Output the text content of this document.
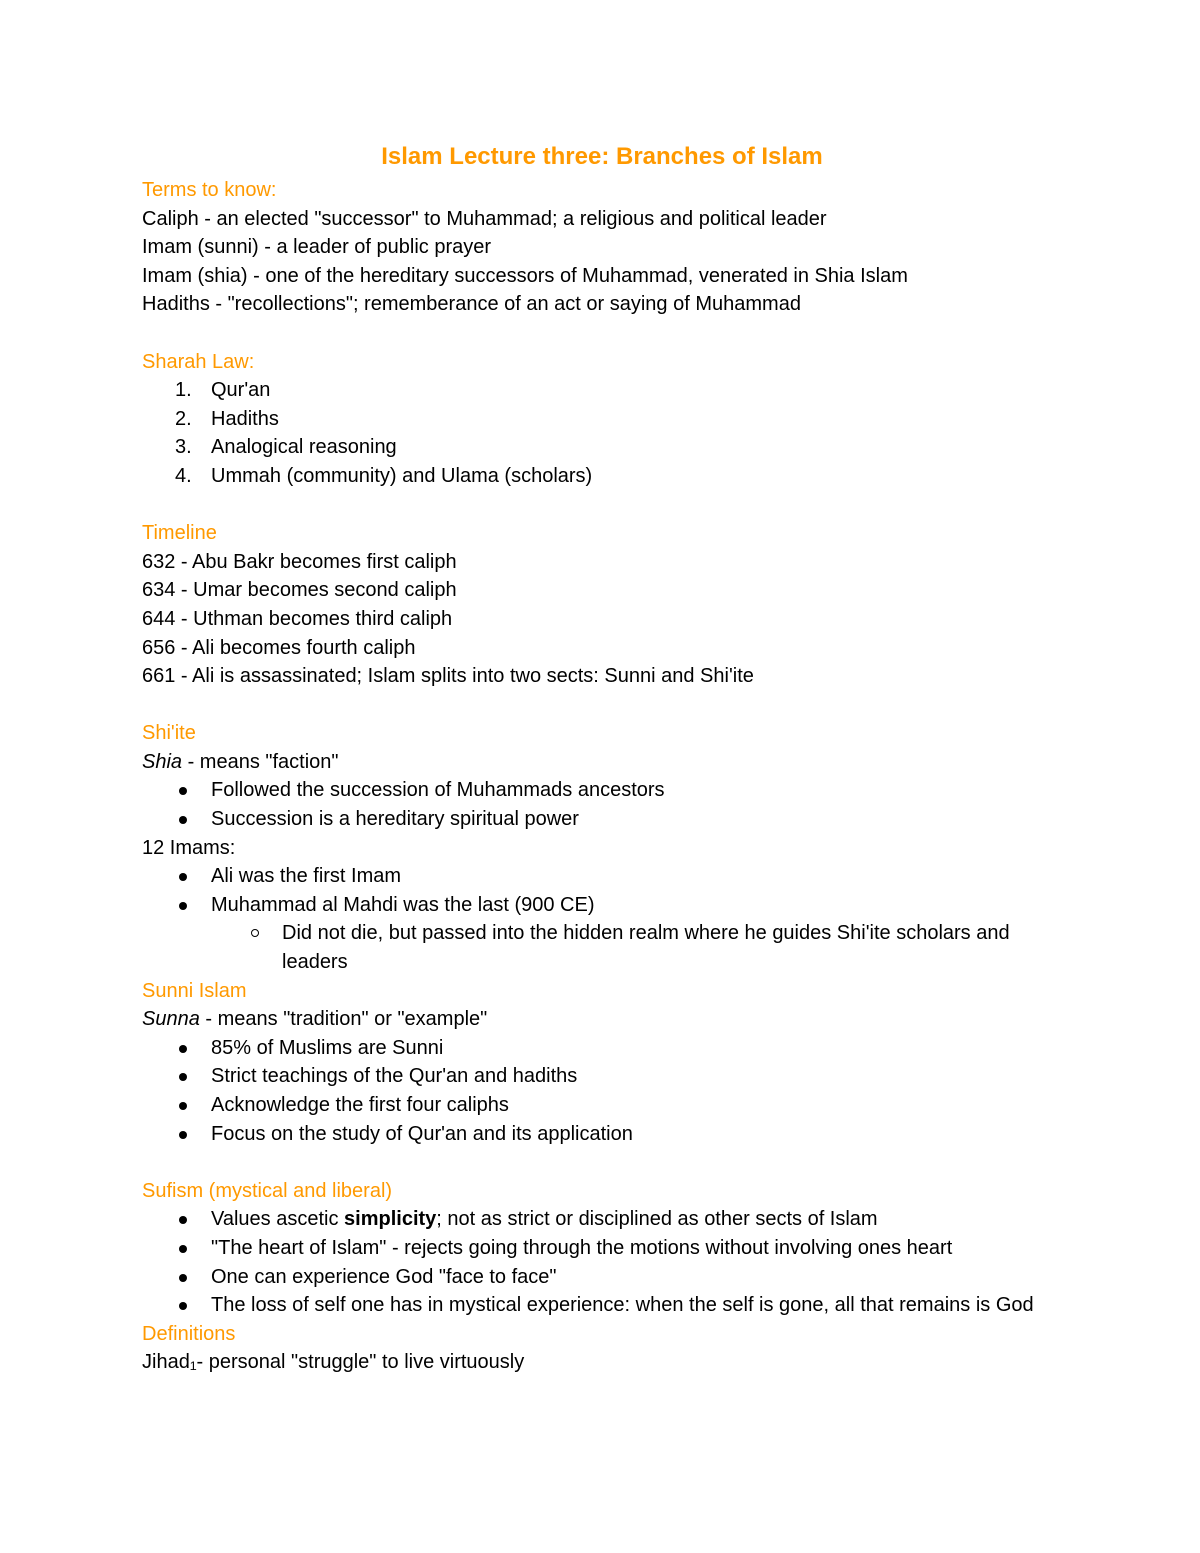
Islam Lecture three: Branches of Islam

Terms to know:

Caliph - an elected "successor" to Muhammad; a religious and political leader

Imam (sunni) - a leader of public prayer

Imam (shia) - one of the hereditary successors of Muhammad, venerated in Shia Islam

Hadiths - "recollections"; rememberance of an act or saying of Muhammad

Sharah Law:

1. Qur'an
2. Hadiths
3. Analogical reasoning
4. Ummah (community) and Ulama (scholars)

Timeline

632 - Abu Bakr becomes first caliph

634 - Umar becomes second caliph

644 - Uthman becomes third caliph

656 - Ali becomes fourth caliph

661 - Ali is assassinated; Islam splits into two sects: Sunni and Shi'ite

Shi'ite

Shia - means "faction"

Followed the succession of Muhammads ancestors
Succession is a hereditary spiritual power

12 Imams:

Ali was the first Imam
Muhammad al Mahdi was the last (900 CE)
Did not die, but passed into the hidden realm where he guides Shi'ite scholars and leaders

Sunni Islam

Sunna - means "tradition" or "example"

85% of Muslims are Sunni
Strict teachings of the Qur'an and hadiths
Acknowledge the first four caliphs
Focus on the study of Qur'an and its application

Sufism (mystical and liberal)

Values ascetic simplicity; not as strict or disciplined as other sects of Islam
"The heart of Islam" - rejects going through the motions without involving ones heart
One can experience God "face to face"
The loss of self one has in mystical experience: when the self is gone, all that remains is God

Definitions

Jihad₁- personal "struggle" to live virtuously
